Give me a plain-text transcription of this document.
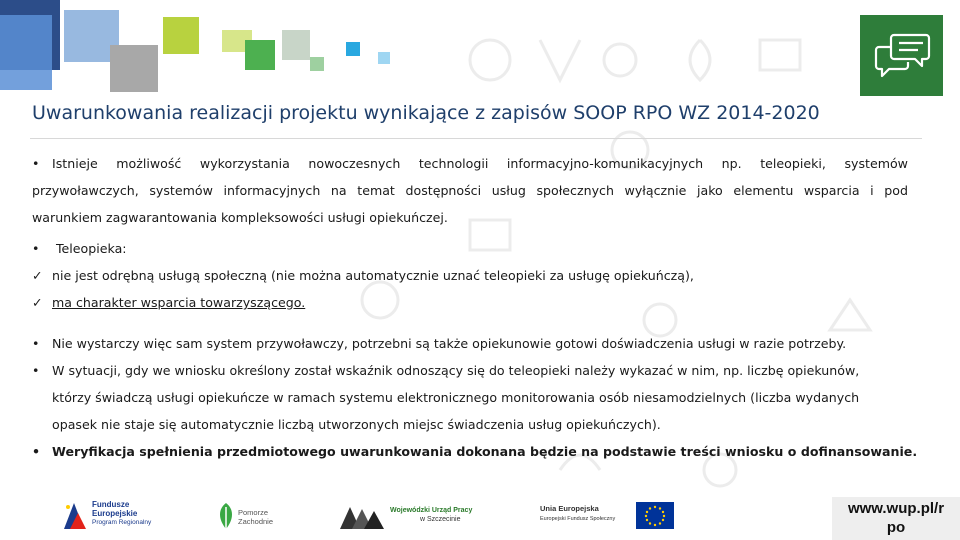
Uwarunkowania realizacji projektu wynikające z zapisów SOOP RPO WZ 2014-2020
• Istnieje możliwość wykorzystania nowoczesnych technologii informacyjno-komunikacyjnych np. teleopieki, systemów
przywoławczych, systemów informacyjnych na temat dostępności usług społecznych wyłącznie jako elementu wsparcia i pod
warunkiem zagwarantowania kompleksowości usługi opiekuńczej.
• Teleopieka:
✓ nie jest odrębną usługą społeczną (nie można automatycznie uznać teleopieki za usługę opiekuńczą),
✓ ma charakter wsparcia towarzyszącego.
• Nie wystarczy więc sam system przywoławczy, potrzebni są także opiekunowie gotowi doświadczenia usługi w razie potrzeby.
• W sytuacji, gdy we wniosku określony został wskaźnik odnoszący się do teleopieki należy wykazać w nim, np. liczbę opiekunów,
którzy świadczą usługi opiekuńcze w ramach systemu elektronicznego monitorowania osób niesamodzielnych (liczba wydanych
opasek nie staje się automatycznie liczbą utworzonych miejsc świadczenia usług opiekuńczych).
• Weryfikacja spełnienia przedmiotowego uwarunkowania dokonana będzie na podstawie treści wniosku o dofinansowanie.
Fundusze
Europejskie
Program Regionalny
Pomorze
Zachodnie
Wojewódzki Urząd Pracy
w Szczecinie
Unia Europejska
Europejski Fundusz Społeczny
www.wup.pl/r
po
